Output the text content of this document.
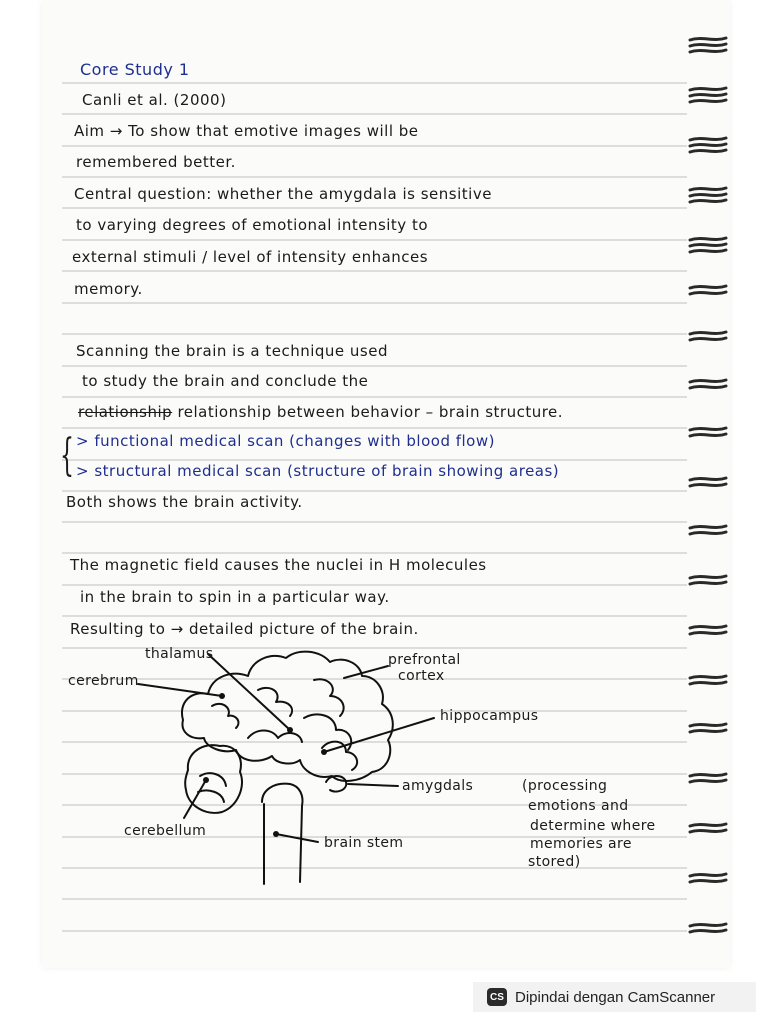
Core Study 1
Canli et al. (2000)
Aim → To show that emotive images will be
remembered better.
Central question: whether the amygdala is sensitive
to varying degrees of emotional intensity to
external stimuli / level of intensity enhances
memory.
Scanning the brain is a technique used
to study the brain and conclude the
relationship relationship between behavior – brain structure.
{ > functional medical scan (changes with blood flow)
> structural medical scan (structure of brain showing areas)
Both shows the brain activity.
The magnetic field causes the nuclei in H molecules
in the brain to spin in a particular way.
Resulting to → detailed picture of the brain.
thalamus	prefrontal
cortex
cerebrum
hippocampus
amygdals	(processing
emotions and
determine where
memories are
stored)
cerebellum
brain stem
CS Dipindai dengan CamScanner
